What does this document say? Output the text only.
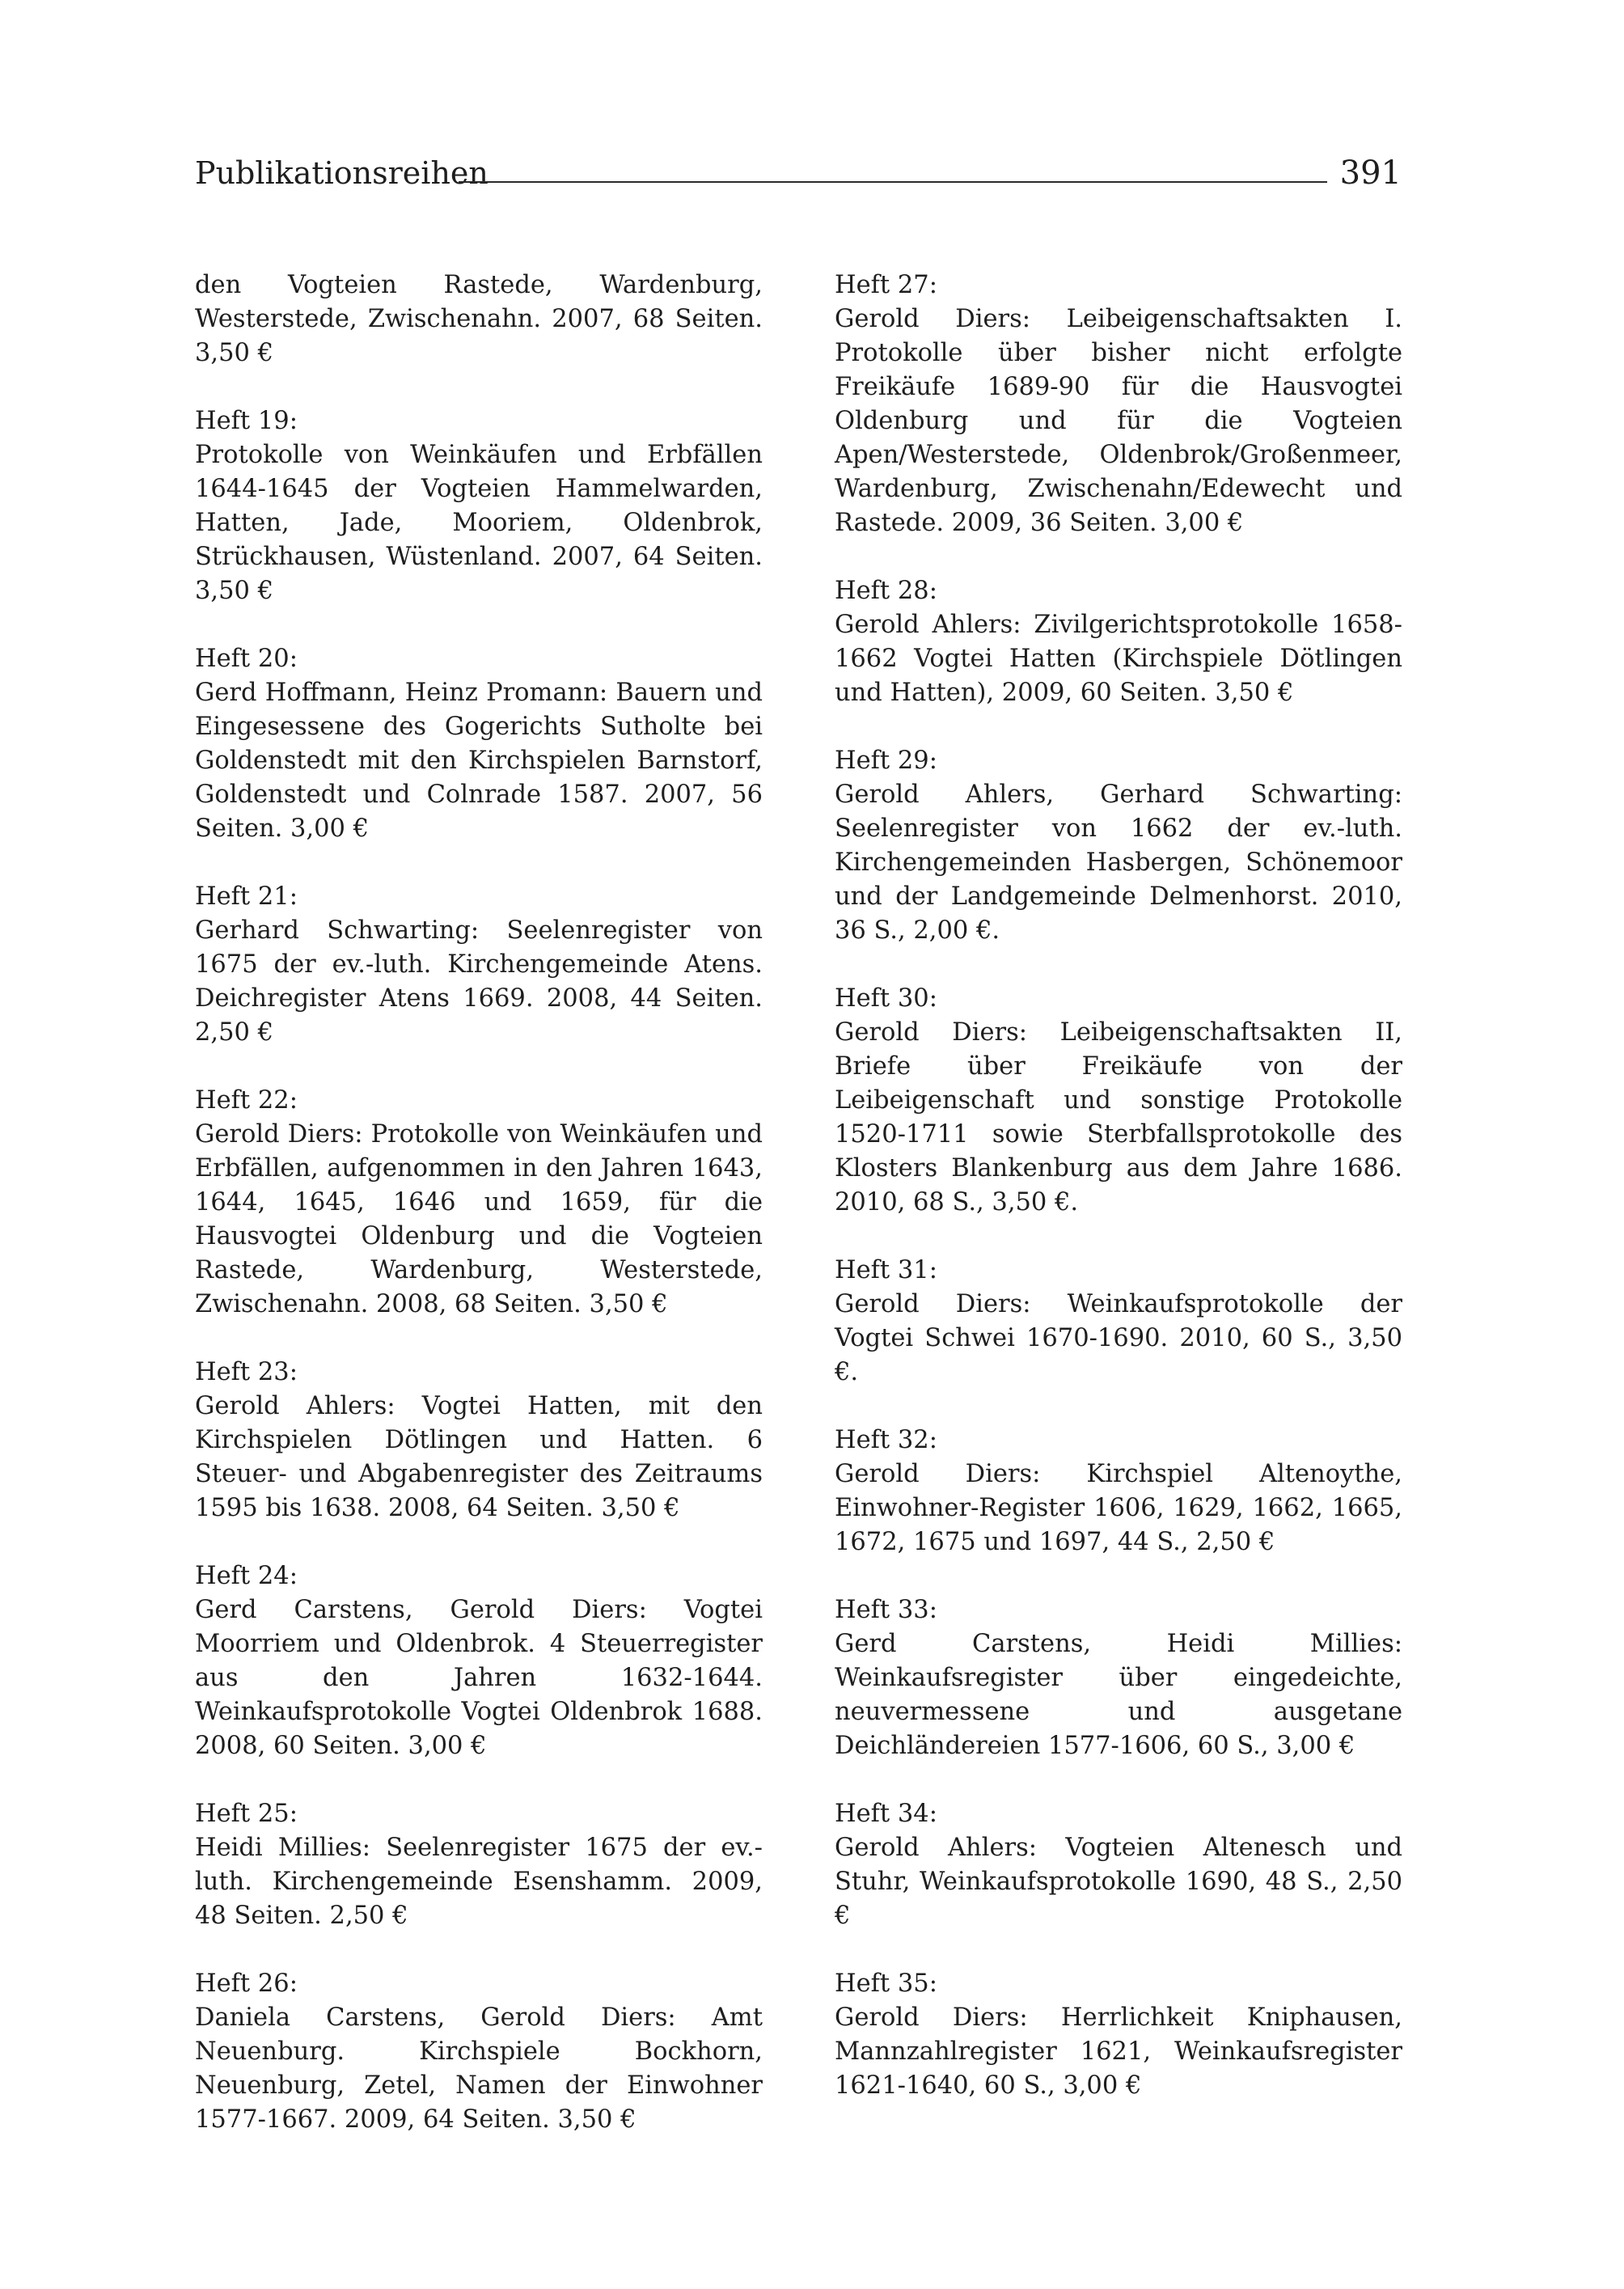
Publikationsreihen	391
den Vogteien Rastede, Wardenburg, Westerstede, Zwischenahn. 2007, 68 Seiten. 3,50 €
Heft 19:
Protokolle von Weinkäufen und Erbfällen 1644-1645 der Vogteien Hammelwarden, Hatten, Jade, Mooriem, Oldenbrok, Strückhausen, Wüstenland. 2007, 64 Seiten. 3,50 €
Heft 20:
Gerd Hoffmann, Heinz Promann: Bauern und Eingesessene des Gogerichts Sutholte bei Goldenstedt mit den Kirchspielen Barnstorf, Goldenstedt und Colnrade 1587. 2007, 56 Seiten. 3,00 €
Heft 21:
Gerhard Schwarting: Seelenregister von 1675 der ev.-luth. Kirchengemeinde Atens. Deichregister Atens 1669. 2008, 44 Seiten. 2,50 €
Heft 22:
Gerold Diers: Protokolle von Weinkäufen und Erbfällen, aufgenommen in den Jahren 1643, 1644, 1645, 1646 und 1659, für die Hausvogtei Oldenburg und die Vogteien Rastede, Wardenburg, Westerstede, Zwischenahn. 2008, 68 Seiten. 3,50 €
Heft 23:
Gerold Ahlers: Vogtei Hatten, mit den Kirchspielen Dötlingen und Hatten. 6 Steuer- und Abgabenregister des Zeitraums 1595 bis 1638. 2008, 64 Seiten. 3,50 €
Heft 24:
Gerd Carstens, Gerold Diers: Vogtei Moorriem und Oldenbrok. 4 Steuerregister aus den Jahren 1632-1644. Weinkaufsprotokolle Vogtei Oldenbrok 1688. 2008, 60 Seiten. 3,00 €
Heft 25:
Heidi Millies: Seelenregister 1675 der ev.-luth. Kirchengemeinde Esenshamm. 2009, 48 Seiten. 2,50 €
Heft 26:
Daniela Carstens, Gerold Diers: Amt Neuenburg. Kirchspiele Bockhorn, Neuenburg, Zetel, Namen der Einwohner 1577-1667. 2009, 64 Seiten. 3,50 €
Heft 27:
Gerold Diers: Leibeigenschaftsakten I. Protokolle über bisher nicht erfolgte Freikäufe 1689-90 für die Hausvogtei Oldenburg und für die Vogteien Apen/Westerstede, Oldenbrok/Großenmeer, Wardenburg, Zwischenahn/Edewecht und Rastede. 2009, 36 Seiten. 3,00 €
Heft 28:
Gerold Ahlers: Zivilgerichtsprotokolle 1658-1662 Vogtei Hatten (Kirchspiele Dötlingen und Hatten), 2009, 60 Seiten. 3,50 €
Heft 29:
Gerold Ahlers, Gerhard Schwarting: Seelenregister von 1662 der ev.-luth. Kirchengemeinden Hasbergen, Schönemoor und der Landgemeinde Delmenhorst. 2010, 36 S., 2,00 €.
Heft 30:
Gerold Diers: Leibeigenschaftsakten II, Briefe über Freikäufe von der Leibeigenschaft und sonstige Protokolle 1520-1711 sowie Sterbfallsprotokolle des Klosters Blankenburg aus dem Jahre 1686. 2010, 68 S., 3,50 €.
Heft 31:
Gerold Diers: Weinkaufsprotokolle der Vogtei Schwei 1670-1690. 2010, 60 S., 3,50 €.
Heft 32:
Gerold Diers: Kirchspiel Altenoythe, Einwohner-Register 1606, 1629, 1662, 1665, 1672, 1675 und 1697, 44 S., 2,50 €
Heft 33:
Gerd Carstens, Heidi Millies: Weinkaufsregister über eingedeichte, neuvermessene und ausgetane Deichländereien 1577-1606, 60 S., 3,00 €
Heft 34:
Gerold Ahlers: Vogteien Altenesch und Stuhr, Weinkaufsprotokolle 1690, 48 S., 2,50 €
Heft 35:
Gerold Diers: Herrlichkeit Kniphausen, Mannzahlregister 1621, Weinkaufsregister 1621-1640, 60 S., 3,00 €
